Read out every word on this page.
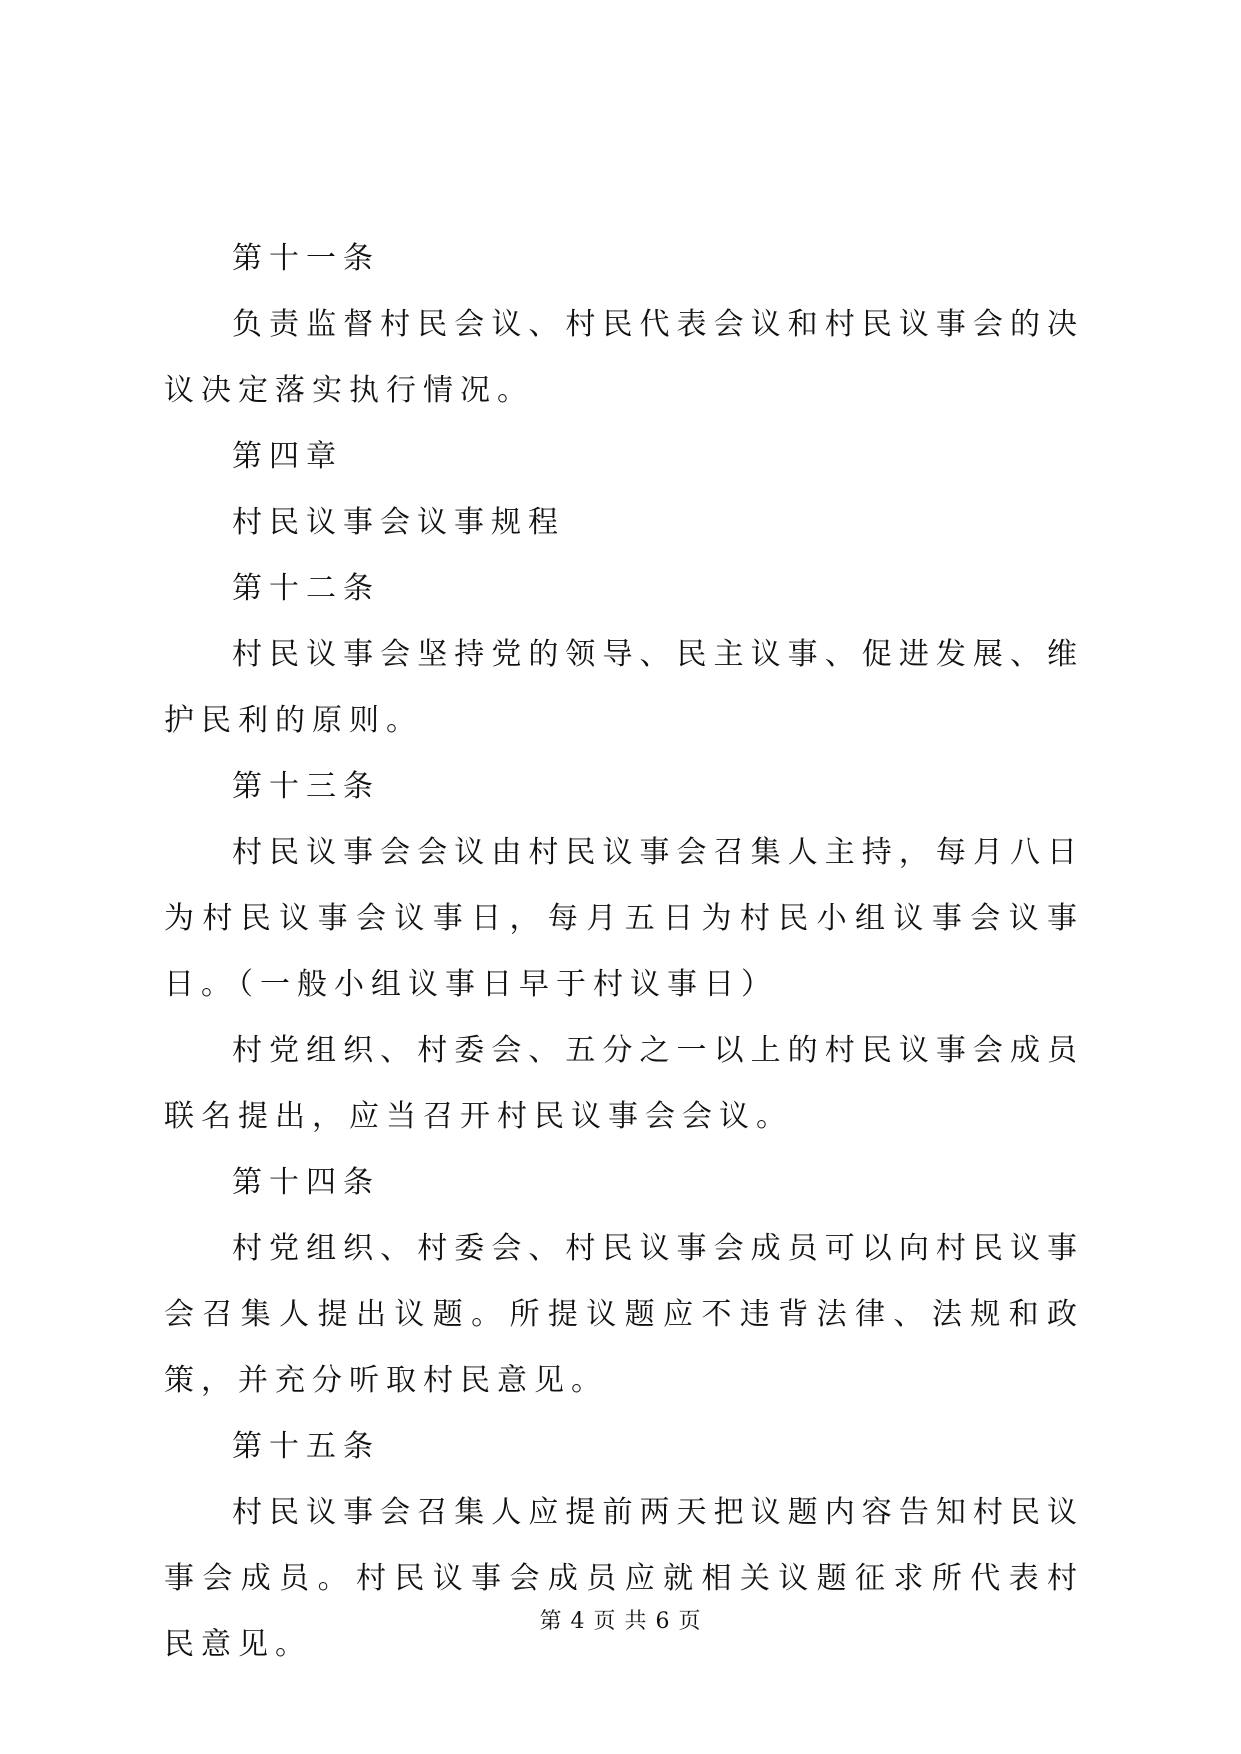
第十一条

负责监督村民会议、村民代表会议和村民议事会的决议决定落实执行情况。

第四章

村民议事会议事规程

第十二条

村民议事会坚持党的领导、民主议事、促进发展、维护民利的原则。

第十三条

村民议事会会议由村民议事会召集人主持，每月八日为村民议事会议事日，每月五日为村民小组议事会议事日。（一般小组议事日早于村议事日）

村党组织、村委会、五分之一以上的村民议事会成员联名提出，应当召开村民议事会会议。

第十四条

村党组织、村委会、村民议事会成员可以向村民议事会召集人提出议题。所提议题应不违背法律、法规和政策，并充分听取村民意见。

第十五条

村民议事会召集人应提前两天把议题内容告知村民议事会成员。村民议事会成员应就相关议题征求所代表村民意见。

第 4 页 共 6 页
